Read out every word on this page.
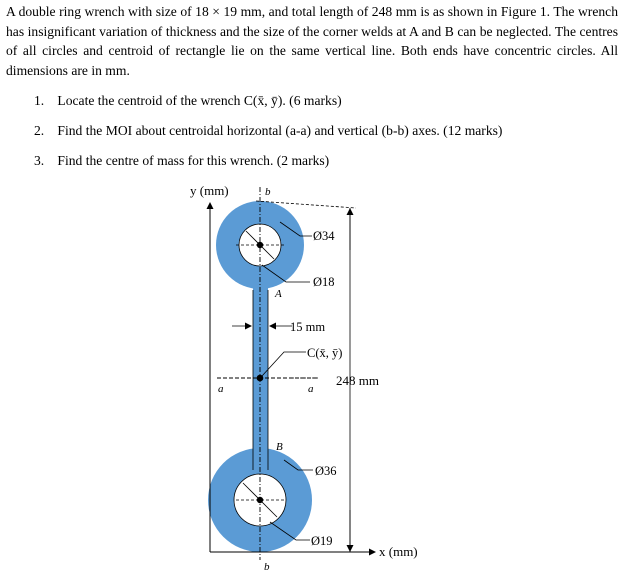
A double ring wrench with size of 18 × 19 mm, and total length of 248 mm is as shown in Figure 1. The wrench has insignificant variation of thickness and the size of the corner welds at A and B can be neglected. The centres of all circles and centroid of rectangle lie on the same vertical line. Both ends have concentric circles. All dimensions are in mm.
1. Locate the centroid of the wrench C(x̄, ȳ). (6 marks)
2. Find the MOI about centroidal horizontal (a-a) and vertical (b-b) axes. (12 marks)
3. Find the centre of mass for this wrench. (2 marks)
y (mm)
x (mm)
b
b
a	a
A
B
248 mm
Ø34
Ø18
15 mm
C(x̄, ȳ)
Ø36
Ø19
